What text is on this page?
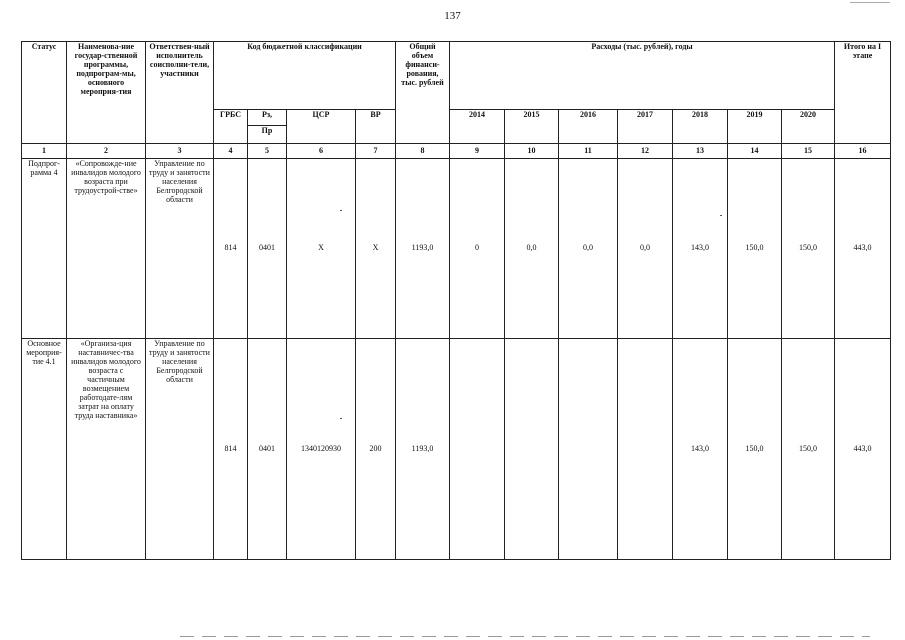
137
Статус	Наименова-ние государ-ственной программы, подпрограм-мы, основного мероприя-тия	Ответствен-ный исполнитель соисполни-тели, участники	Код бюджетной классификации				Общий объем финанси-рования, тыс. рублей	Расходы (тыс. рублей), годы							Итого на I этапе
			ГРБС	Рз,	ЦСР	ВР		2014	2015	2016	2017	2018	2019	2020	
				Пр											
1	2	3	4	5	6	7	8	9	10	11	12	13	14	15	16
Подпрог-рамма 4	«Сопровожде-ние инвалидов молодого возраста при трудоустрой-стве»	Управление по труду и занятости населения Белгородской области	814	0401	Х	Х	1193,0	0	0,0	0,0	0,0	143,0	150,0	150,0	443,0
Основное мероприя-тие 4.1	«Организа-ция наставничес-тва инвалидов молодого возраста с частичным возмещением работодате-лям затрат на оплату труда наставника»	Управление по труду и занятости населения Белгородской области	814	0401	1340120930	200	1193,0					143,0	150,0	150,0	443,0
